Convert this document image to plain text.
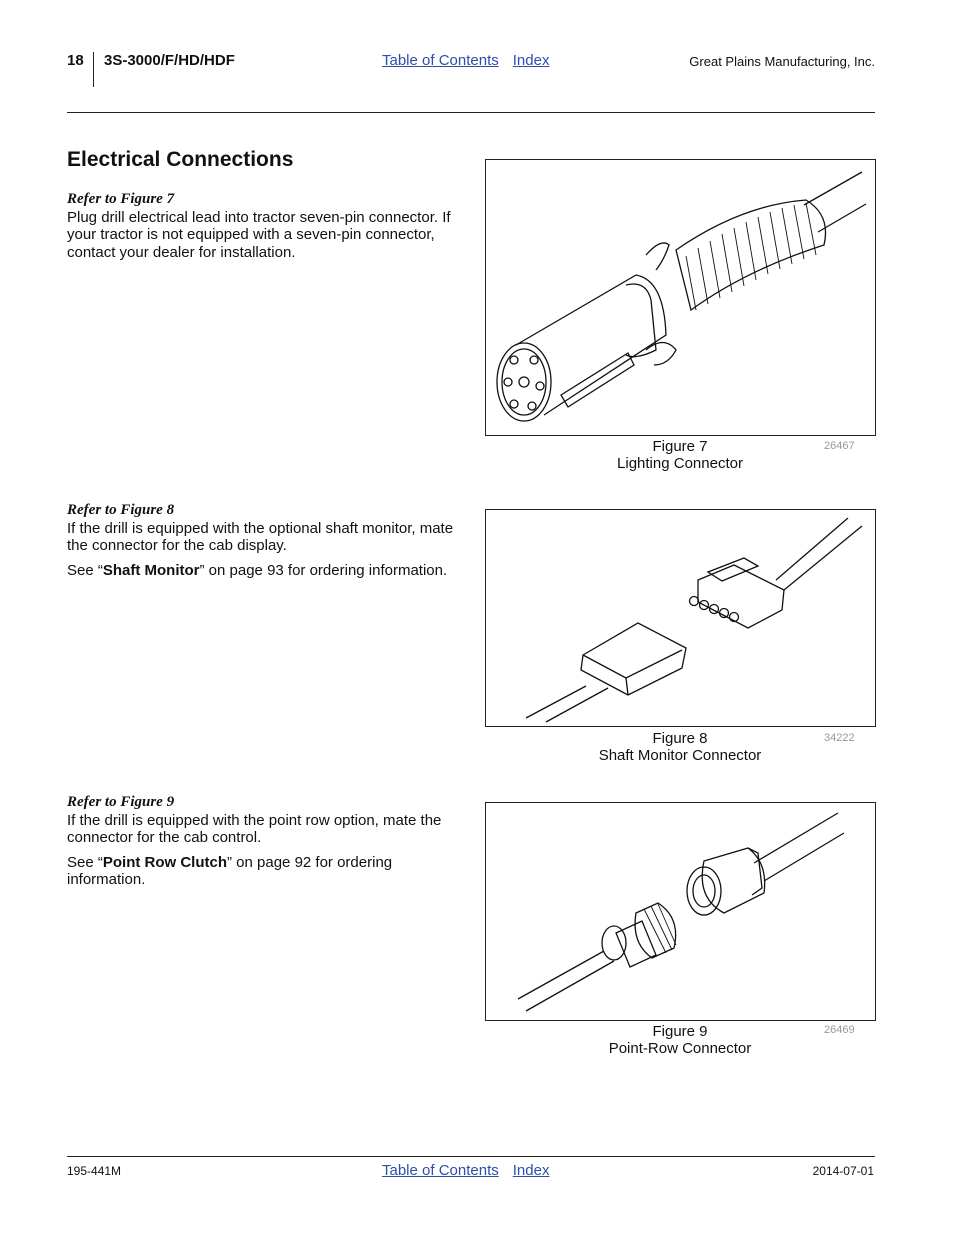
18 3S-3000/F/HD/HDF	Table of Contents Index	Great Plains Manufacturing, Inc.
Electrical Connections
Refer to Figure 7

Plug drill electrical lead into tractor seven-pin connector. If your tractor is not equipped with a seven-pin connector, contact your dealer for installation.

Refer to Figure 8

If the drill is equipped with the optional shaft monitor, mate the connector for the cab display.

See “Shaft Monitor” on page 93 for ordering information.

Refer to Figure 9

If the drill is equipped with the point row option, mate the connector for the cab control.

See “Point Row Clutch” on page 92 for ordering information.

Figure 7
Lighting Connector
26467
Figure 8
Shaft Monitor Connector
34222
Figure 9
Point-Row Connector
26469
195-441M	Table of Contents Index	2014-07-01
